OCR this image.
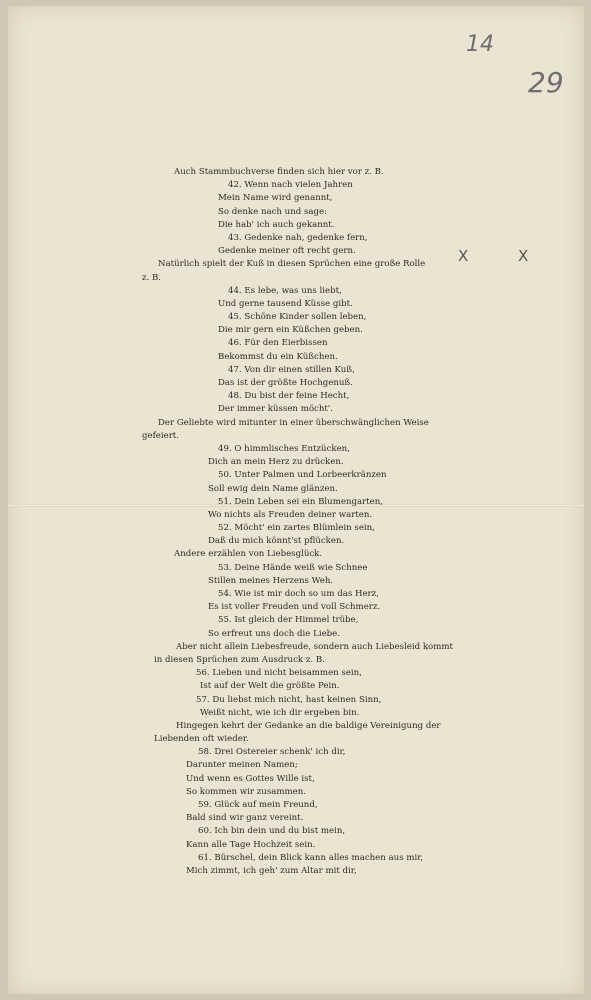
14
29
X	X
Auch Stammbuchverse finden sich hier vor z. B.
42. Wenn nach vielen Jahren
Mein Name wird genannt,
So denke nach und sage:
Die hab' ich auch gekannt.
43. Gedenke nah, gedenke fern,
Gedenke meiner oft recht gern.
Natürlich spielt der Kuß in diesen Sprüchen eine große Rolle
z. B.
44. Es lebe, was uns liebt,
Und gerne tausend Küsse gibt.
45. Schöne Kinder sollen leben,
Die mir gern ein Küßchen geben.
46. Für den Eierbissen
Bekommst du ein Küßchen.
47. Von dir einen stillen Kuß,
Das ist der größte Hochgenuß.
48. Du bist der feine Hecht,
Der immer küssen möcht'.
Der Geliebte wird mitunter in einer überschwänglichen Weise
gefeiert.
49. O himmlisches Entzücken,
Dich an mein Herz zu drücken.
50. Unter Palmen und Lorbeerkränzen
Soll ewig dein Name glänzen.
51. Dein Leben sei ein Blumengarten,
Wo nichts als Freuden deiner warten.
52. Möcht' ein zartes Blümlein sein,
Daß du mich könnt'st pflücken.
Andere erzählen von Liebesglück.
53. Deine Hände weiß wie Schnee
Stillen meines Herzens Weh.
54. Wie ist mir doch so um das Herz,
Es ist voller Freuden und voll Schmerz.
55. Ist gleich der Himmel trübe,
So erfreut uns doch die Liebe.
Aber nicht allein Liebesfreude, sondern auch Liebesleid kommt
in diesen Sprüchen zum Ausdruck z. B.
56. Lieben und nicht beisammen sein,
Ist auf der Welt die größte Pein.
57. Du liebst mich nicht, hast keinen Sinn,
Weißt nicht, wie ich dir ergeben bin.
Hingegen kehrt der Gedanke an die baldige Vereinigung der
Liebenden oft wieder.
58. Drei Ostereier schenk' ich dir,
Darunter meinen Namen;
Und wenn es Gottes Wille ist,
So kommen wir zusammen.
59. Glück auf mein Freund,
Bald sind wir ganz vereint.
60. Ich bin dein und du bist mein,
Kann alle Tage Hochzeit sein.
61. Bürschel, dein Blick kann alles machen aus mir,
Mich zimmt, ich geh' zum Altar mit dir,
